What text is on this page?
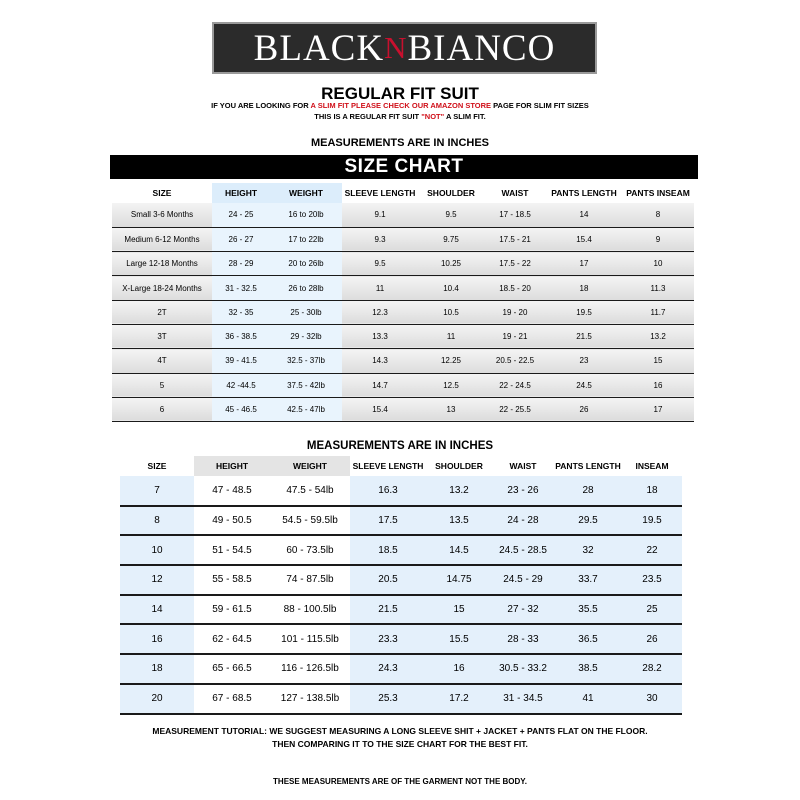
BLACK N BIANCO
REGULAR FIT SUIT
IF YOU ARE LOOKING FOR A SLIM FIT PLEASE CHECK OUR AMAZON STORE PAGE FOR SLIM FIT SIZES
THIS IS A REGULAR FIT SUIT "NOT" A SLIM FIT.
MEASUREMENTS ARE IN INCHES
SIZE CHART
SIZE	HEIGHT	WEIGHT	SLEEVE LENGTH	SHOULDER	WAIST	PANTS LENGTH	PANTS INSEAM
Small 3-6 Months	24 - 25	16 to 20lb	9.1	9.5	17 - 18.5	14	8
Medium 6-12 Months	26 - 27	17 to 22lb	9.3	9.75	17.5 - 21	15.4	9
Large 12-18 Months	28 - 29	20 to 26lb	9.5	10.25	17.5 - 22	17	10
X-Large 18-24 Months	31 - 32.5	26 to 28lb	11	10.4	18.5 - 20	18	11.3
2T	32 - 35	25 - 30lb	12.3	10.5	19 - 20	19.5	11.7
3T	36 - 38.5	29 - 32lb	13.3	11	19 - 21	21.5	13.2
4T	39 - 41.5	32.5 - 37lb	14.3	12.25	20.5 - 22.5	23	15
5	42 -44.5	37.5 - 42lb	14.7	12.5	22 - 24.5	24.5	16
6	45 - 46.5	42.5 - 47lb	15.4	13	22 - 25.5	26	17
MEASUREMENTS ARE IN INCHES
SIZE	HEIGHT	WEIGHT	SLEEVE LENGTH	SHOULDER	WAIST	PANTS LENGTH	INSEAM
7	47 - 48.5	47.5 - 54lb	16.3	13.2	23 - 26	28	18
8	49 - 50.5	54.5 - 59.5lb	17.5	13.5	24 - 28	29.5	19.5
10	51 - 54.5	60 - 73.5lb	18.5	14.5	24.5 - 28.5	32	22
12	55 - 58.5	74 - 87.5lb	20.5	14.75	24.5 - 29	33.7	23.5
14	59 - 61.5	88 - 100.5lb	21.5	15	27 - 32	35.5	25
16	62 - 64.5	101 - 115.5lb	23.3	15.5	28 - 33	36.5	26
18	65 - 66.5	116 - 126.5lb	24.3	16	30.5 - 33.2	38.5	28.2
20	67 - 68.5	127 - 138.5lb	25.3	17.2	31 - 34.5	41	30
MEASUREMENT TUTORIAL: WE SUGGEST MEASURING A LONG SLEEVE SHIT + JACKET + PANTS FLAT ON THE FLOOR.
THEN COMPARING IT TO THE SIZE CHART FOR THE BEST FIT.
THESE MEASUREMENTS ARE OF THE GARMENT NOT THE BODY.
